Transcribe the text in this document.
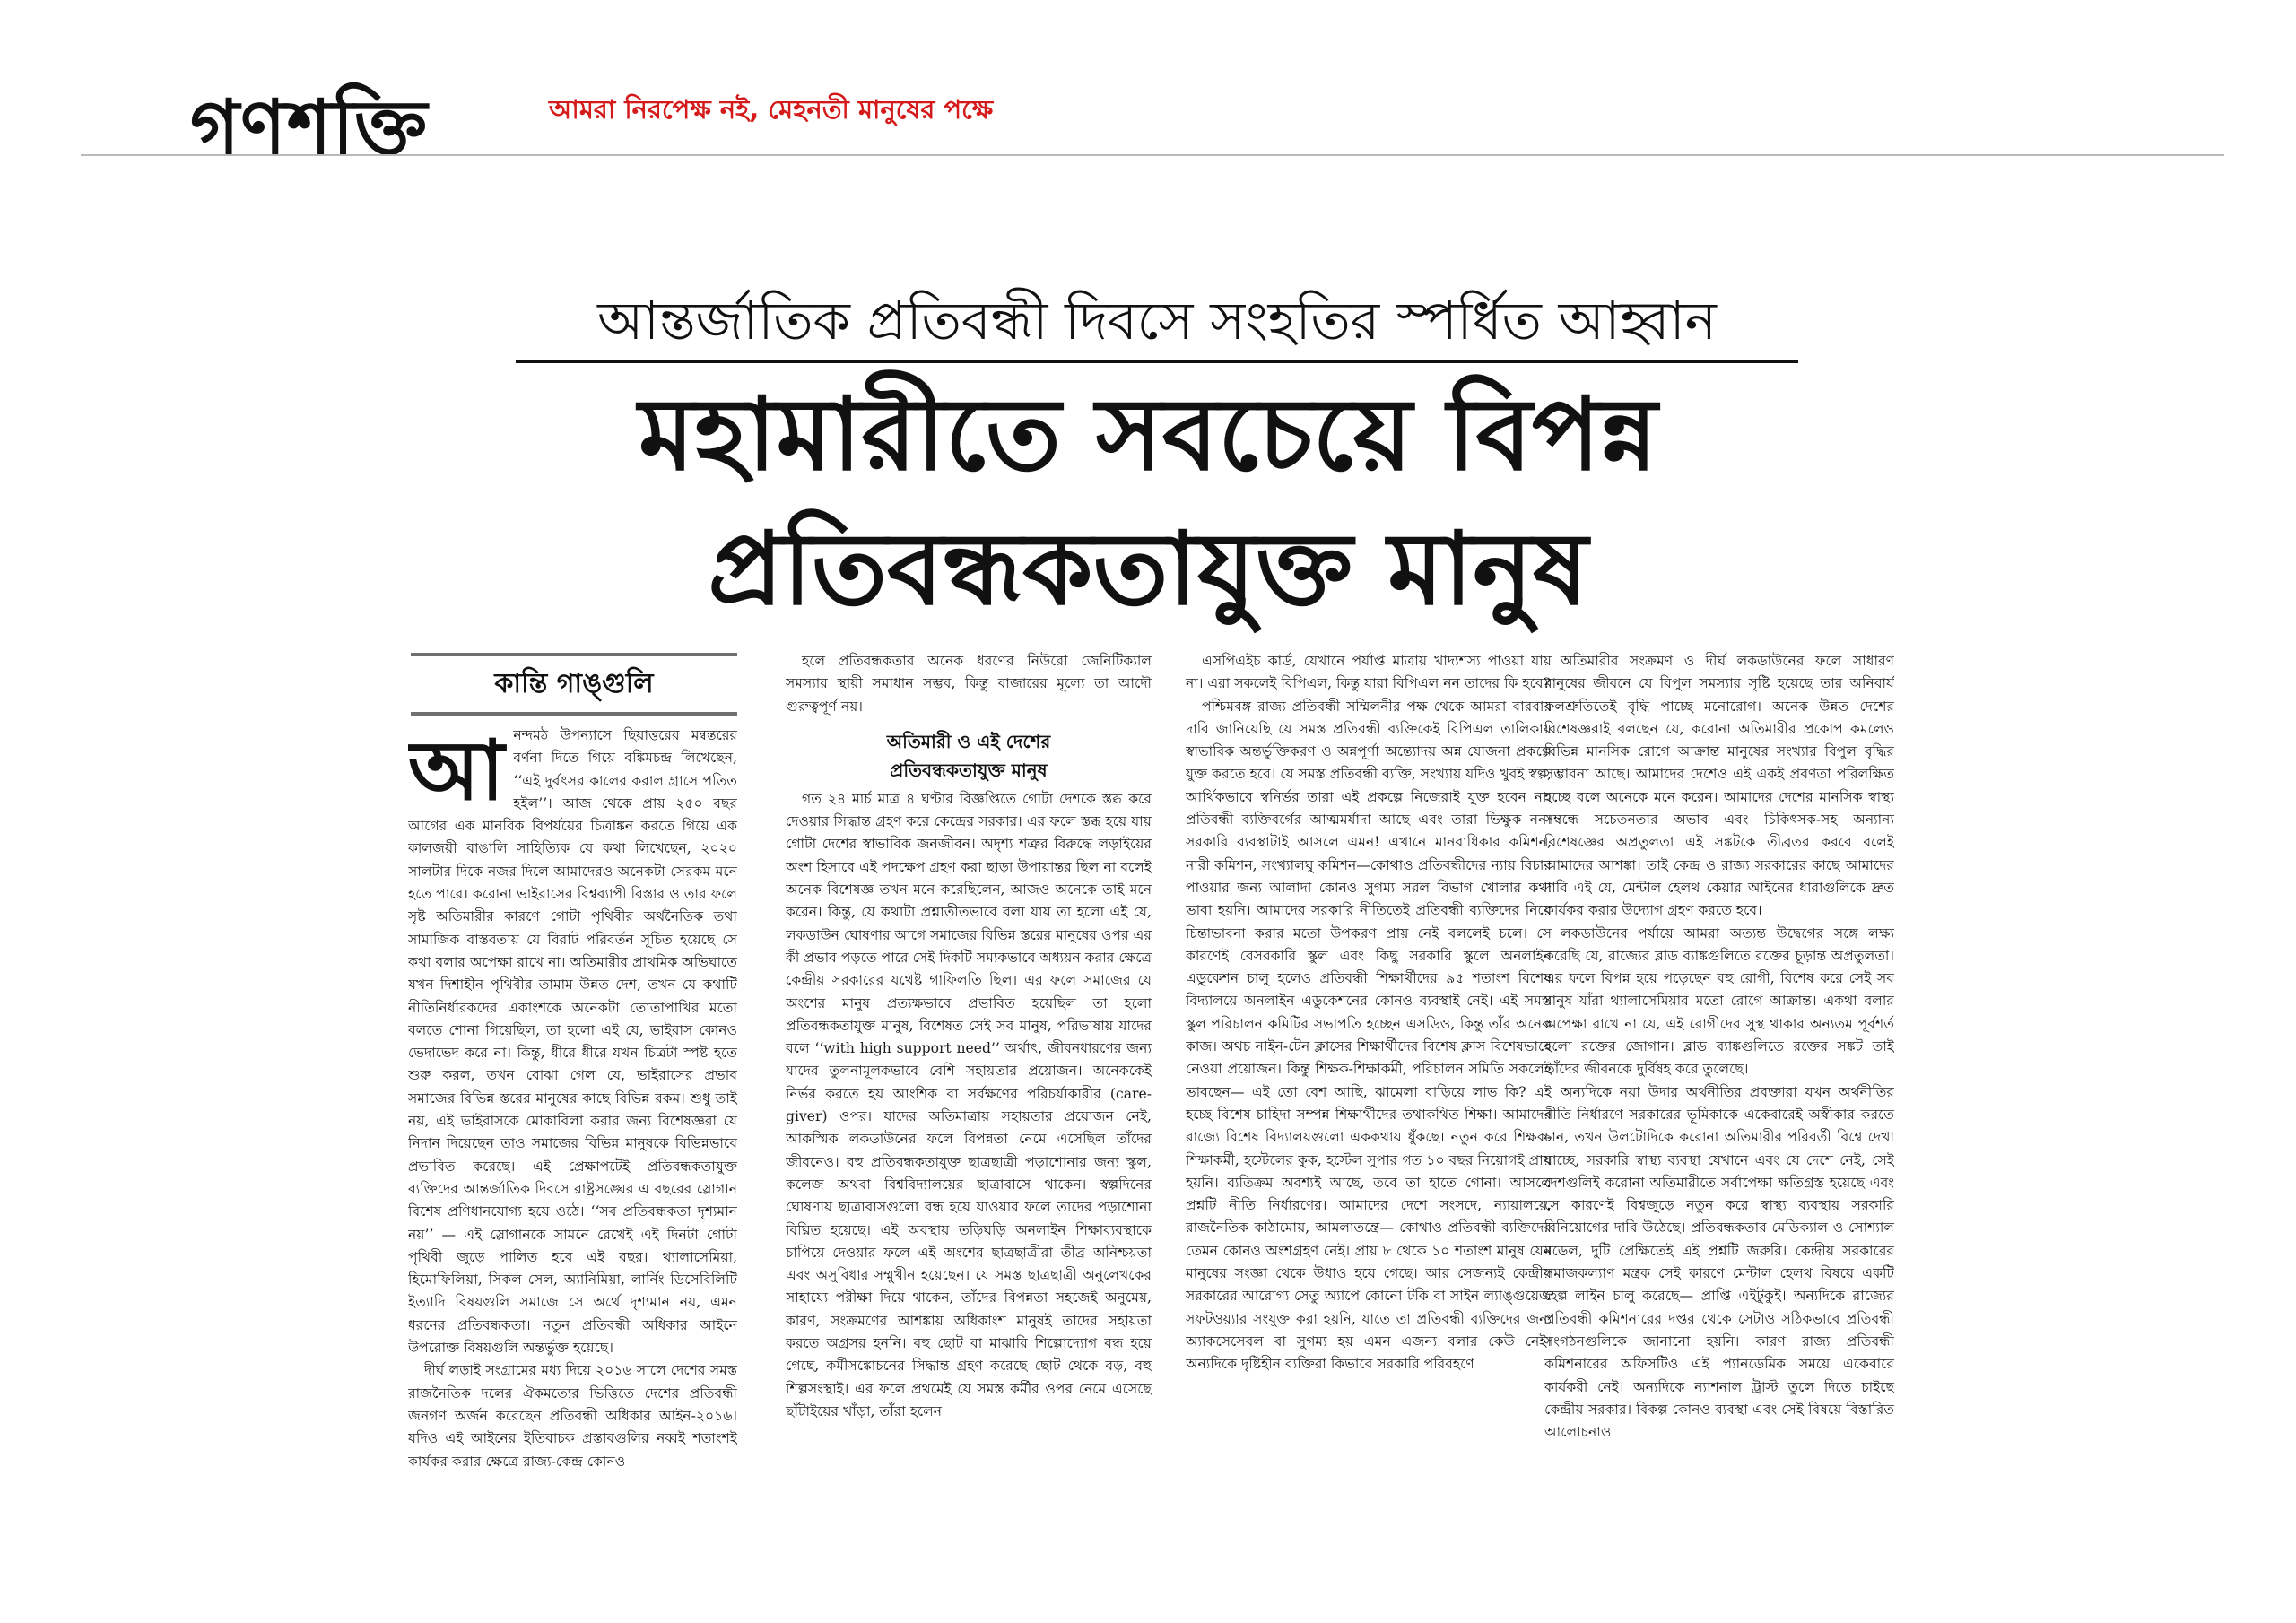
গণশক্তি	আমরা নিরপেক্ষ নই, মেহনতী মানুষের পক্ষে
আন্তর্জাতিক প্রতিবন্ধী দিবসে সংহতির স্পর্ধিত আহ্বান
মহামারীতে সবচেয়ে বিপন্ন
প্রতিবন্ধকতাযুক্ত মানুষ
কান্তি গাঙ্গুলি
আ নন্দমঠ উপন্যাসে ছিয়াত্তরের মন্বন্তরের বর্ণনা দিতে গিয়ে বঙ্কিমচন্দ্র লিখেছেন, ‘‘এই দুর্বৎসর কালের করাল গ্রাসে পতিত হইল’’। আজ থেকে প্রায় ২৫০ বছর আগের এক মানবিক বিপর্যয়ের চিত্রাঙ্কন করতে গিয়ে এক কালজয়ী বাঙালি সাহিত্যিক যে কথা লিখেছেন, ২০২০ সালটার দিকে নজর দিলে আমাদেরও অনেকটা সেরকম মনে হতে পারে। করোনা ভাইরাসের বিশ্বব্যাপী বিস্তার ও তার ফলে সৃষ্ট অতিমারীর কারণে গোটা পৃথিবীর অর্থনৈতিক তথা সামাজিক বাস্তবতায় যে বিরাট পরিবর্তন সূচিত হয়েছে সে কথা বলার অপেক্ষা রাখে না। অতিমারীর প্রাথমিক অভিঘাতে যখন দিশাহীন পৃথিবীর তামাম উন্নত দেশ, তখন যে কথাটি নীতিনির্ধারকদের একাংশকে অনেকটা তোতাপাখির মতো বলতে শোনা গিয়েছিল, তা হলো এই যে, ভাইরাস কোনও ভেদাভেদ করে না। কিন্তু, ধীরে ধীরে যখন চিত্রটা স্পষ্ট হতে শুরু করল, তখন বোঝা গেল যে, ভাইরাসের প্রভাব সমাজের বিভিন্ন স্তরের মানুষের কাছে বিভিন্ন রকম। শুধু তাই নয়, এই ভাইরাসকে মোকাবিলা করার জন্য বিশেষজ্ঞরা যে নিদান দিয়েছেন তাও সমাজের বিভিন্ন মানুষকে বিভিন্নভাবে প্রভাবিত করেছে। এই প্রেক্ষাপটেই প্রতিবন্ধকতাযুক্ত ব্যক্তিদের আন্তর্জাতিক দিবসে রাষ্ট্রসঙ্ঘের এ বছরের স্লোগান বিশেষ প্রণিধানযোগ্য হয়ে ওঠে। ‘‘সব প্রতিবন্ধকতা দৃশ্যমান নয়’’ — এই স্লোগানকে সামনে রেখেই এই দিনটা গোটা পৃথিবী জুড়ে পালিত হবে এই বছর। থ্যালাসেমিয়া, হিমোফিলিয়া, সিকল সেল, অ্যানিমিয়া, লার্নিং ডিসেবিলিটি ইত্যাদি বিষয়গুলি সমাজে সে অর্থে দৃশ্যমান নয়, এমন ধরনের প্রতিবন্ধকতা। নতুন প্রতিবন্ধী অধিকার আইনে উপরোক্ত বিষয়গুলি অন্তর্ভুক্ত হয়েছে।

দীর্ঘ লড়াই সংগ্রামের মধ্য দিয়ে ২০১৬ সালে দেশের সমস্ত রাজনৈতিক দলের ঐকমত্যের ভিত্তিতে দেশের প্রতিবন্ধী জনগণ অর্জন করেছেন প্রতিবন্ধী অধিকার আইন-২০১৬। যদিও এই আইনের ইতিবাচক প্রস্তাবগুলির নব্বই শতাংশই কার্যকর করার ক্ষেত্রে রাজ্য-কেন্দ্র কোনও

হলে প্রতিবন্ধকতার অনেক ধরণের নিউরো জেনিটিক্যাল সমস্যার স্থায়ী সমাধান সম্ভব, কিন্তু বাজারের মূল্যে তা আদৌ গুরুত্বপূর্ণ নয়।

অতিমারী ও এই দেশের
প্রতিবন্ধকতাযুক্ত মানুষ

গত ২৪ মার্চ মাত্র ৪ ঘণ্টার বিজ্ঞপ্তিতে গোটা দেশকে স্তব্ধ করে দেওয়ার সিদ্ধান্ত গ্রহণ করে কেন্দ্রের সরকার। এর ফলে স্তব্ধ হয়ে যায় গোটা দেশের স্বাভাবিক জনজীবন। অদৃশ্য শত্রুর বিরুদ্ধে লড়াইয়ের অংশ হিসাবে এই পদক্ষেপ গ্রহণ করা ছাড়া উপায়ান্তর ছিল না বলেই অনেক বিশেষজ্ঞ তখন মনে করেছিলেন, আজও অনেকে তাই মনে করেন। কিন্তু, যে কথাটা প্রশ্নাতীতভাবে বলা যায় তা হলো এই যে, লকডাউন ঘোষণার আগে সমাজের বিভিন্ন স্তরের মানুষের ওপর এর কী প্রভাব পড়তে পারে সেই দিকটি সম্যকভাবে অধ্যয়ন করার ক্ষেত্রে কেন্দ্রীয় সরকারের যথেষ্ট গাফিলতি ছিল। এর ফলে সমাজের যে অংশের মানুষ প্রত্যক্ষভাবে প্রভাবিত হয়েছিল তা হলো প্রতিবন্ধকতাযুক্ত মানুষ, বিশেষত সেই সব মানুষ, পরিভাষায় যাদের বলে ‘‘with high support need’’ অর্থাৎ, জীবনধারণের জন্য যাদের তুলনামূলকভাবে বেশি সহায়তার প্রয়োজন। অনেককেই নির্ভর করতে হয় আংশিক বা সর্বক্ষণের পরিচর্যাকারীর (care-giver) ওপর। যাদের অতিমাত্রায় সহায়তার প্রয়োজন নেই, আকস্মিক লকডাউনের ফলে বিপন্নতা নেমে এসেছিল তাঁদের জীবনেও। বহু প্রতিবন্ধকতাযুক্ত ছাত্রছাত্রী পড়াশোনার জন্য স্কুল, কলেজ অথবা বিশ্ববিদ্যালয়ের ছাত্রাবাসে থাকেন। স্বল্পদিনের ঘোষণায় ছাত্রাবাসগুলো বন্ধ হয়ে যাওয়ার ফলে তাদের পড়াশোনা বিঘ্নিত হয়েছে। এই অবস্থায় তড়িঘড়ি অনলাইন শিক্ষাব্যবস্থাকে চাপিয়ে দেওয়ার ফলে এই অংশের ছাত্রছাত্রীরা তীব্র অনিশ্চয়তা এবং অসুবিধার সম্মুখীন হয়েছেন। যে সমস্ত ছাত্রছাত্রী অনুলেখকের সাহায্যে পরীক্ষা দিয়ে থাকেন, তাঁদের বিপন্নতা সহজেই অনুমেয়, কারণ, সংক্রমণের আশঙ্কায় অধিকাংশ মানুষই তাদের সহায়তা করতে অগ্রসর হননি। বহু ছোট বা মাঝারি শিল্পোদ্যোগ বন্ধ হয়ে গেছে, কর্মীসঙ্কোচনের সিদ্ধান্ত গ্রহণ করেছে ছোট থেকে বড়, বহু শিল্পসংস্থাই। এর ফলে প্রথমেই যে সমস্ত কর্মীর ওপর নেমে এসেছে ছাঁটাইয়ের খাঁড়া, তাঁরা হলেন

এসপিএইচ কার্ড, যেখানে পর্যাপ্ত মাত্রায় খাদ্যশস্য পাওয়া যায় না। এরা সকলেই বিপিএল, কিন্তু যারা বিপিএল নন তাদের কি হবে?

পশ্চিমবঙ্গ রাজ্য প্রতিবন্ধী সম্মিলনীর পক্ষ থেকে আমরা বারবার দাবি জানিয়েছি যে সমস্ত প্রতিবন্ধী ব্যক্তিকেই বিপিএল তালিকায় স্বাভাবিক অন্তর্ভুক্তিকরণ ও অন্নপূর্ণা অন্ত্যোদয় অন্ন যোজনা প্রকল্পে যুক্ত করতে হবে। যে সমস্ত প্রতিবন্ধী ব্যক্তি, সংখ্যায় যদিও খুবই স্বল্প, আর্থিকভাবে স্বনির্ভর তারা এই প্রকল্পে নিজেরাই যুক্ত হবেন না। প্রতিবন্ধী ব্যক্তিবর্গের আত্মমর্যাদা আছে এবং তারা ভিক্ষুক নন। সরকারি ব্যবস্থাটাই আসলে এমন! এখানে মানবাধিকার কমিশন, নারী কমিশন, সংখ্যালঘু কমিশন—কোথাও প্রতিবন্ধীদের ন্যায় বিচার পাওয়ার জন্য আলাদা কোনও সুগম্য সরল বিভাগ খোলার কথা ভাবা হয়নি। আমাদের সরকারি নীতিতেই প্রতিবন্ধী ব্যক্তিদের নিয়ে চিন্তাভাবনা করার মতো উপকরণ প্রায় নেই বললেই চলে। সে কারণেই বেসরকারি স্কুল এবং কিছু সরকারি স্কুলে অনলাইন এডুকেশন চালু হলেও প্রতিবন্ধী শিক্ষার্থীদের ৯৫ শতাংশ বিশেষ বিদ্যালয়ে অনলাইন এডুকেশনের কোনও ব্যবস্থাই নেই। এই সমস্ত স্কুল পরিচালন কমিটির সভাপতি হচ্ছেন এসডিও, কিন্তু তাঁর অনেক কাজ। অথচ নাইন-টেন ক্লাসের শিক্ষার্থীদের বিশেষ ক্লাস বিশেষভাবে নেওয়া প্রয়োজন। কিন্তু শিক্ষক-শিক্ষাকর্মী, পরিচালন সমিতি সকলেই ভাবছেন— এই তো বেশ আছি, ঝামেলা বাড়িয়ে লাভ কি? এই হচ্ছে বিশেষ চাহিদা সম্পন্ন শিক্ষার্থীদের তথাকথিত শিক্ষা। আমাদের রাজ্যে বিশেষ বিদ্যালয়গুলো এককথায় ধুঁকছে। নতুন করে শিক্ষক-শিক্ষাকর্মী, হস্টেলের কুক, হস্টেল সুপার গত ১০ বছর নিয়োগই প্রায় হয়নি। ব্যতিক্রম অবশ্যই আছে, তবে তা হাতে গোনা। আসলে প্রশ্নটি নীতি নির্ধারণের। আমাদের দেশে সংসদে, ন্যায়ালয়ে, রাজনৈতিক কাঠামোয়, আমলাতন্ত্রে— কোথাও প্রতিবন্ধী ব্যক্তিদের তেমন কোনও অংশগ্রহণ নেই। প্রায় ৮ থেকে ১০ শতাংশ মানুষ যেন মানুষের সংজ্ঞা থেকে উধাও হয়ে গেছে। আর সেজন্যই কেন্দ্রীয় সরকারের আরোগ্য সেতু অ্যাপে কোনো টকি বা সাইন ল্যাঙ্গুয়েজ সফটওয়্যার সংযুক্ত করা হয়নি, যাতে তা প্রতিবন্ধী ব্যক্তিদের জন্য অ্যাকসেসেবল বা সুগম্য হয় এমন এজন্য বলার কেউ নেই। অন্যদিকে দৃষ্টিহীন ব্যক্তিরা কিভাবে সরকারি পরিবহণে

অতিমারীর সংক্রমণ ও দীর্ঘ লকডাউনের ফলে সাধারণ মানুষের জীবনে যে বিপুল সমস্যার সৃষ্টি হয়েছে তার অনিবার্য ফলশ্রুতিতেই বৃদ্ধি পাচ্ছে মনোরোগ। অনেক উন্নত দেশের বিশেষজ্ঞরাই বলছেন যে, করোনা অতিমারীর প্রকোপ কমলেও বিভিন্ন মানসিক রোগে আক্রান্ত মানুষের সংখ্যার বিপুল বৃদ্ধির সম্ভাবনা আছে। আমাদের দেশেও এই একই প্রবণতা পরিলক্ষিত হচ্ছে বলে অনেকে মনে করেন। আমাদের দেশের মানসিক স্বাস্থ্য সম্বন্ধে সচেতনতার অভাব এবং চিকিৎসক-সহ অন্যান্য বিশেষজ্ঞের অপ্রতুলতা এই সঙ্কটকে তীব্রতর করবে বলেই আমাদের আশঙ্কা। তাই কেন্দ্র ও রাজ্য সরকারের কাছে আমাদের দাবি এই যে, মেন্টাল হেলথ কেয়ার আইনের ধারাগুলিকে দ্রুত কার্যকর করার উদ্যোগ গ্রহণ করতে হবে।

লকডাউনের পর্যায়ে আমরা অত্যন্ত উদ্বেগের সঙ্গে লক্ষ্য করেছি যে, রাজ্যের ব্লাড ব্যাঙ্কগুলিতে রক্তের চূড়ান্ত অপ্রতুলতা। এর ফলে বিপন্ন হয়ে পড়েছেন বহু রোগী, বিশেষ করে সেই সব মানুষ যাঁরা থ্যালাসেমিয়ার মতো রোগে আক্রান্ত। একথা বলার অপেক্ষা রাখে না যে, এই রোগীদের সুস্থ থাকার অন্যতম পূর্বশর্ত হলো রক্তের জোগান। ব্লাড ব্যাঙ্কগুলিতে রক্তের সঙ্কট তাই তাঁদের জীবনকে দুর্বিষহ করে তুলেছে।

অন্যদিকে নয়া উদার অর্থনীতির প্রবক্তারা যখন অর্থনীতির নীতি নির্ধারণে সরকারের ভূমিকাকে একেবারেই অস্বীকার করতে চান, তখন উলটোদিকে করোনা অতিমারীর পরিবর্তী বিশ্বে দেখা যাচ্ছে, সরকারি স্বাস্থ্য ব্যবস্থা যেখানে এবং যে দেশে নেই, সেই দেশগুলিই করোনা অতিমারীতে সর্বাপেক্ষা ক্ষতিগ্রস্ত হয়েছে এবং সে কারণেই বিশ্বজুড়ে নতুন করে স্বাস্থ্য ব্যবস্থায় সরকারি বিনিয়োগের দাবি উঠেছে। প্রতিবন্ধকতার মেডিক্যাল ও সোশ্যাল মডেল, দুটি প্রেক্ষিতেই এই প্রশ্নটি জরুরি। কেন্দ্রীয় সরকারের সমাজকল্যাণ মন্ত্রক সেই কারণে মেন্টাল হেলথ বিষয়ে একটি হেল্প লাইন চালু করেছে— প্রাপ্তি এইটুকুই। অন্যদিকে রাজ্যের প্রতিবন্ধী কমিশনারের দপ্তর থেকে সেটাও সঠিকভাবে প্রতিবন্ধী সংগঠনগুলিকে জানানো হয়নি। কারণ রাজ্য প্রতিবন্ধী কমিশনারের অফিসটিও এই প্যানডেমিক সময়ে একেবারে কার্যকরী নেই। অন্যদিকে ন্যাশনাল ট্রাস্ট তুলে দিতে চাইছে কেন্দ্রীয় সরকার। বিকল্প কোনও ব্যবস্থা এবং সেই বিষয়ে বিস্তারিত আলোচনাও
